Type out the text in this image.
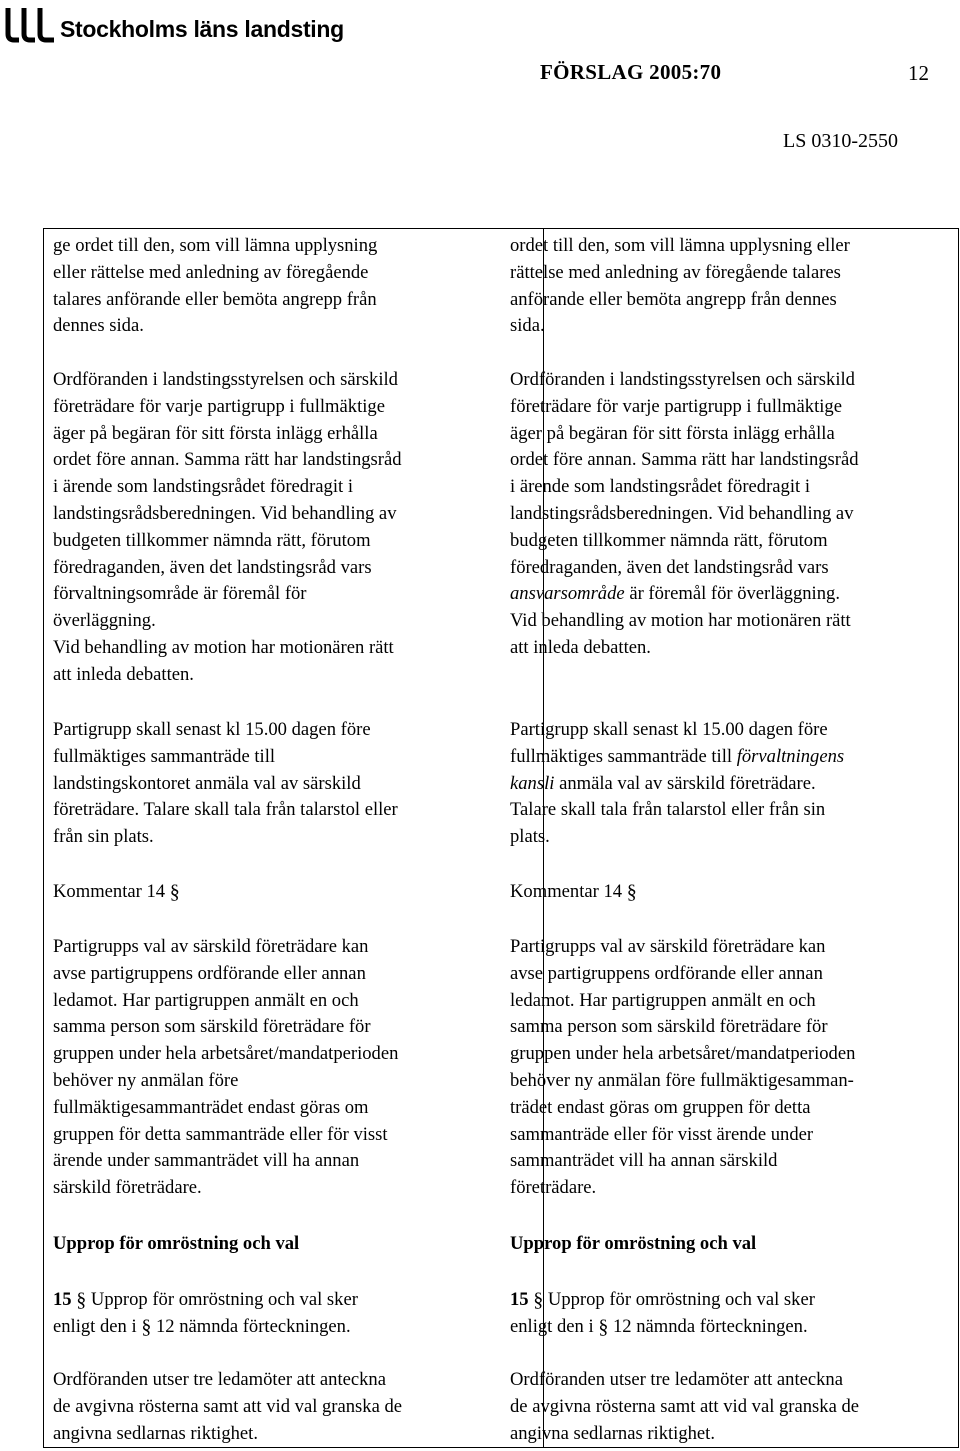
Stockholms läns landsting
FÖRSLAG 2005:70	12
LS 0310-2550

ge ordet till den, som vill lämna upplysning
eller rättelse med anledning av föregående
talares anförande eller bemöta angrepp från
dennes sida.

Ordföranden i landstingsstyrelsen och särskild
företrädare för varje partigrupp i fullmäktige
äger på begäran för sitt första inlägg erhålla
ordet före annan. Samma rätt har landstingsråd
i ärende som landstingsrådet föredragit i
landstingsrådsberedningen. Vid behandling av
budgeten tillkommer nämnda rätt, förutom
föredraganden, även det landstingsråd vars
förvaltningsområde är föremål för
överläggning.
Vid behandling av motion har motionären rätt
att inleda debatten.

Partigrupp skall senast kl 15.00 dagen före
fullmäktiges sammanträde till
landstingskontoret anmäla val av särskild
företrädare. Talare skall tala från talarstol eller
från sin plats.

Kommentar 14 §

Partigrupps val av särskild företrädare kan
avse partigruppens ordförande eller annan
ledamot. Har partigruppen anmält en och
samma person som särskild företrädare för
gruppen under hela arbetsåret/mandatperioden
behöver ny anmälan före
fullmäktigesammanträdet endast göras om
gruppen för detta sammanträde eller för visst
ärende under sammanträdet vill ha annan
särskild företrädare.

Upprop för omröstning och val

15 § Upprop för omröstning och val sker
enligt den i § 12 nämnda förteckningen.

Ordföranden utser tre ledamöter att anteckna
de avgivna rösterna samt att vid val granska de
angivna sedlarnas riktighet.

ordet till den, som vill lämna upplysning eller
rättelse med anledning av föregående talares
anförande eller bemöta angrepp från dennes
sida.

Ordföranden i landstingsstyrelsen och särskild
företrädare för varje partigrupp i fullmäktige
äger på begäran för sitt första inlägg erhålla
ordet före annan. Samma rätt har landstingsråd
i ärende som landstingsrådet föredragit i
landstingsrådsberedningen. Vid behandling av
budgeten tillkommer nämnda rätt, förutom
föredraganden, även det landstingsråd vars
ansvarsområde är föremål för överläggning.
Vid behandling av motion har motionären rätt
att inleda debatten.

Partigrupp skall senast kl 15.00 dagen före
fullmäktiges sammanträde till förvaltningens
kansli anmäla val av särskild företrädare.
Talare skall tala från talarstol eller från sin
plats.

Kommentar 14 §

Partigrupps val av särskild företrädare kan
avse partigruppens ordförande eller annan
ledamot. Har partigruppen anmält en och
samma person som särskild företrädare för
gruppen under hela arbetsåret/mandatperioden
behöver ny anmälan före fullmäktigesamman-
trädet endast göras om gruppen för detta
sammanträde eller för visst ärende under
sammanträdet vill ha annan särskild
företrädare.

Upprop för omröstning och val

15 § Upprop för omröstning och val sker
enligt den i § 12 nämnda förteckningen.

Ordföranden utser tre ledamöter att anteckna
de avgivna rösterna samt att vid val granska de
angivna sedlarnas riktighet.
